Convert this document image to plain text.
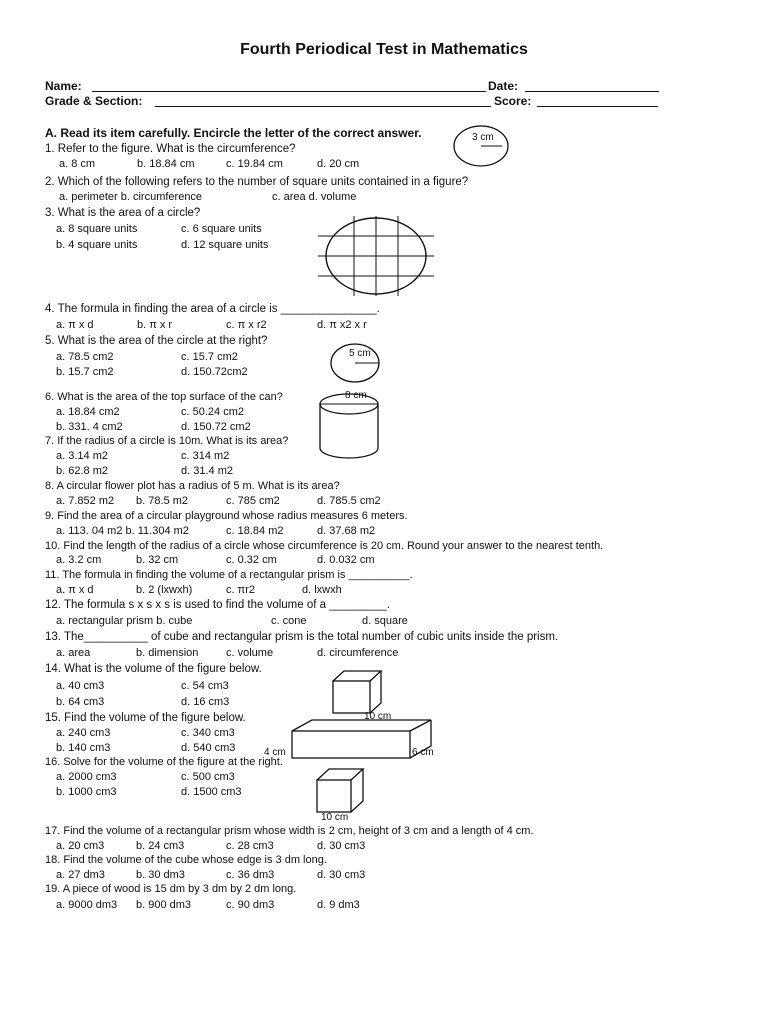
Fourth Periodical Test in Mathematics
Name:	Date:
Grade & Section:	Score:
A. Read its item carefully. Encircle the letter of the correct answer.
1. Refer to the figure. What is the circumference?
a. 8 cm	b. 18.84 cm	c. 19.84 cm	d. 20 cm
2. Which of the following refers to the number of square units contained in a figure?
a. perimeter b. circumference	c. area d. volume
3. What is the area of a circle?
a. 8 square units	c. 6 square units
b. 4 square units	d. 12 square units
4. The formula in finding the area of a circle is _______________.
a. π x d	b. π x r	c. π x r2	d. π x2 x r
5. What is the area of the circle at the right?
a. 78.5 cm2	c. 15.7 cm2
b. 15.7 cm2	d. 150.72cm2
6. What is the area of the top surface of the can?
a. 18.84 cm2	c. 50.24 cm2
b. 331. 4 cm2	d. 150.72 cm2
7. If the radius of a circle is 10m. What is its area?
a. 3.14 m2	c. 314 m2
b. 62.8 m2	d. 31.4 m2
8. A circular flower plot has a radius of 5 m. What is its area?
a. 7.852 m2 b. 78.5 m2	c. 785 cm2	d. 785.5 cm2
9. Find the area of a circular playground whose radius measures 6 meters.
a. 113. 04 m2 b. 11.304 m2	c. 18.84 m2	d. 37.68 m2
10. Find the length of the radius of a circle whose circumference is 20 cm. Round your answer to the nearest tenth.
a. 3.2 cm	b. 32 cm	c. 0.32 cm	d. 0.032 cm
11. The formula in finding the volume of a rectangular prism is __________.
a. π x d	b. 2 (lxwxh)	c. πr2	d. lxwxh
12. The formula s x s x s is used to find the volume of a _________.
a. rectangular prism b. cube	c. cone	d. square
13. The__________ of cube and rectangular prism is the total number of cubic units inside the prism.
a. area	b. dimension	c. volume	d. circumference
14. What is the volume of the figure below.
a. 40 cm3	c. 54 cm3
b. 64 cm3	d. 16 cm3
15. Find the volume of the figure below.
a. 240 cm3	c. 340 cm3
b. 140 cm3	d. 540 cm3
16. Solve for the volume of the figure at the right.
a. 2000 cm3	c. 500 cm3
b. 1000 cm3	d. 1500 cm3
17. Find the volume of a rectangular prism whose width is 2 cm, height of 3 cm and a length of 4 cm.
a. 20 cm3	b. 24 cm3	c. 28 cm3	d. 30 cm3
18. Find the volume of the cube whose edge is 3 dm long.
a. 27 dm3	b. 30 dm3	c. 36 dm3	d. 30 cm3
19. A piece of wood is 15 dm by 3 dm by 2 dm long.
a. 9000 dm3 b. 900 dm3	c. 90 dm3	d. 9 dm3
3 cm
5 cm
8 cm
10 cm
4 cm	6 cm
10 cm
